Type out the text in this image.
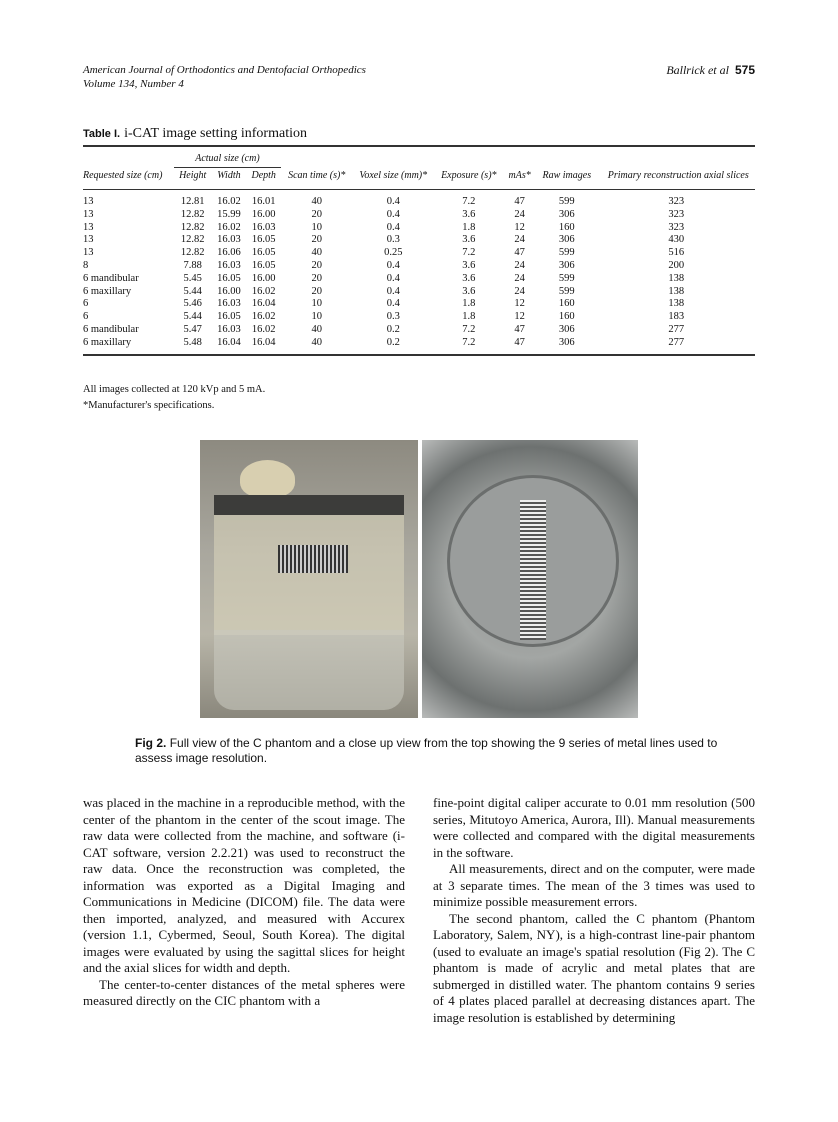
American Journal of Orthodontics and Dentofacial Orthopedics
Volume 134, Number 4
Ballrick et al 575
Table I. i-CAT image setting information
	Actual size (cm)								Primary reconstruction axial slices
Requested size (cm)	Height	Width	Depth	Scan time (s)*	Voxel size (mm)*	Exposure (s)*	mAs*	Raw images	
13	12.81	16.02	16.01	40	0.4	7.2	47	599	323
13	12.82	15.99	16.00	20	0.4	3.6	24	306	323
13	12.82	16.02	16.03	10	0.4	1.8	12	160	323
13	12.82	16.03	16.05	20	0.3	3.6	24	306	430
13	12.82	16.06	16.05	40	0.25	7.2	47	599	516
8	7.88	16.03	16.05	20	0.4	3.6	24	306	200
6 mandibular	5.45	16.05	16.00	20	0.4	3.6	24	599	138
6 maxillary	5.44	16.00	16.02	20	0.4	3.6	24	599	138
6	5.46	16.03	16.04	10	0.4	1.8	12	160	138
6	5.44	16.05	16.02	10	0.3	1.8	12	160	183
6 mandibular	5.47	16.03	16.02	40	0.2	7.2	47	306	277
6 maxillary	5.48	16.04	16.04	40	0.2	7.2	47	306	277
All images collected at 120 kVp and 5 mA.
*Manufacturer's specifications.
Fig 2. Full view of the C phantom and a close up view from the top showing the 9 series of metal lines used to assess image resolution.

was placed in the machine in a reproducible method, with the center of the phantom in the center of the scout image. The raw data were collected from the machine, and software (i-CAT software, version 2.2.21) was used to reconstruct the raw data. Once the reconstruction was completed, the information was exported as a Digital Imaging and Communications in Medicine (DICOM) file. The data were then imported, analyzed, and measured with Accurex (version 1.1, Cybermed, Seoul, South Korea). The digital images were evaluated by using the sagittal slices for height and the axial slices for width and depth.

The center-to-center distances of the metal spheres were measured directly on the CIC phantom with a

fine-point digital caliper accurate to 0.01 mm resolution (500 series, Mitutoyo America, Aurora, Ill). Manual measurements were collected and compared with the digital measurements in the software.

All measurements, direct and on the computer, were made at 3 separate times. The mean of the 3 times was used to minimize possible measurement errors.

The second phantom, called the C phantom (Phantom Laboratory, Salem, NY), is a high-contrast line-pair phantom (used to evaluate an image's spatial resolution (Fig 2). The C phantom is made of acrylic and metal plates that are submerged in distilled water. The phantom contains 9 series of 4 plates placed parallel at decreasing distances apart. The image resolution is established by determining
